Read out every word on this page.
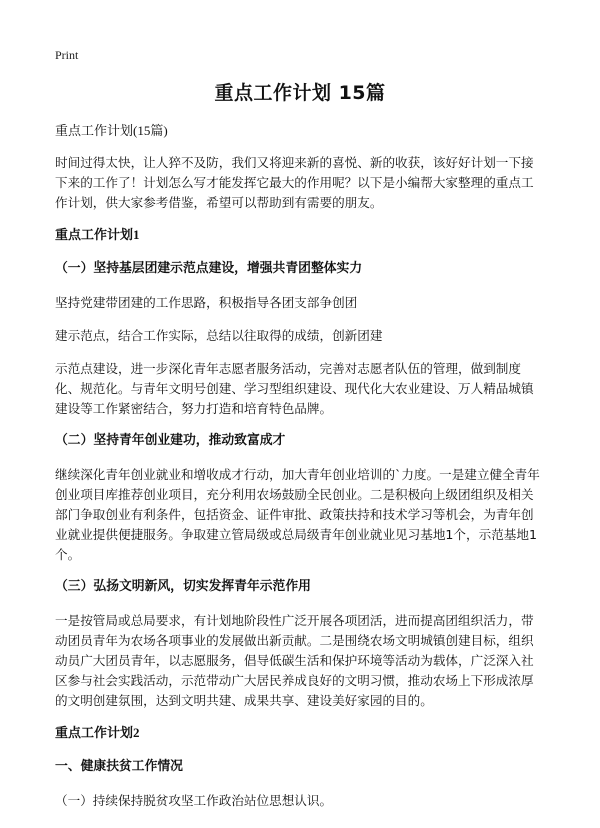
Print
重点工作计划 15篇

重点工作计划(15篇)

时间过得太快，让人猝不及防，我们又将迎来新的喜悦、新的收获，该好好计划一下接下来的工作了！计划怎么写才能发挥它最大的作用呢？以下是小编帮大家整理的重点工作计划，供大家参考借鉴，希望可以帮助到有需要的朋友。

重点工作计划1

（一）坚持基层团建示范点建设，增强共青团整体实力

坚持党建带团建的工作思路，积极指导各团支部争创团

建示范点，结合工作实际，总结以往取得的成绩，创新团建

示范点建设，进一步深化青年志愿者服务活动，完善对志愿者队伍的管理，做到制度化、规范化。与青年文明号创建、学习型组织建设、现代化大农业建设、万人精品城镇建设等工作紧密结合，努力打造和培育特色品牌。

（二）坚持青年创业建功，推动致富成才

继续深化青年创业就业和增收成才行动，加大青年创业培训的`力度。一是建立健全青年创业项目库推荐创业项目，充分利用农场鼓励全民创业。二是积极向上级团组织及相关部门争取创业有利条件，包括资金、证件审批、政策扶持和技术学习等机会，为青年创业就业提供便捷服务。争取建立管局级或总局级青年创业就业见习基地1个，示范基地1个。

（三）弘扬文明新风，切实发挥青年示范作用

一是按管局或总局要求，有计划地阶段性广泛开展各项团活，进而提高团组织活力，带动团员青年为农场各项事业的发展做出新贡献。二是围绕农场文明城镇创建目标，组织动员广大团员青年，以志愿服务，倡导低碳生活和保护环境等活动为载体，广泛深入社区参与社会实践活动，示范带动广大居民养成良好的文明习惯，推动农场上下形成浓厚的文明创建氛围，达到文明共建、成果共享、建设美好家园的目的。

重点工作计划2

一、健康扶贫工作情况

（一）持续保持脱贫攻坚工作政治站位思想认识。
